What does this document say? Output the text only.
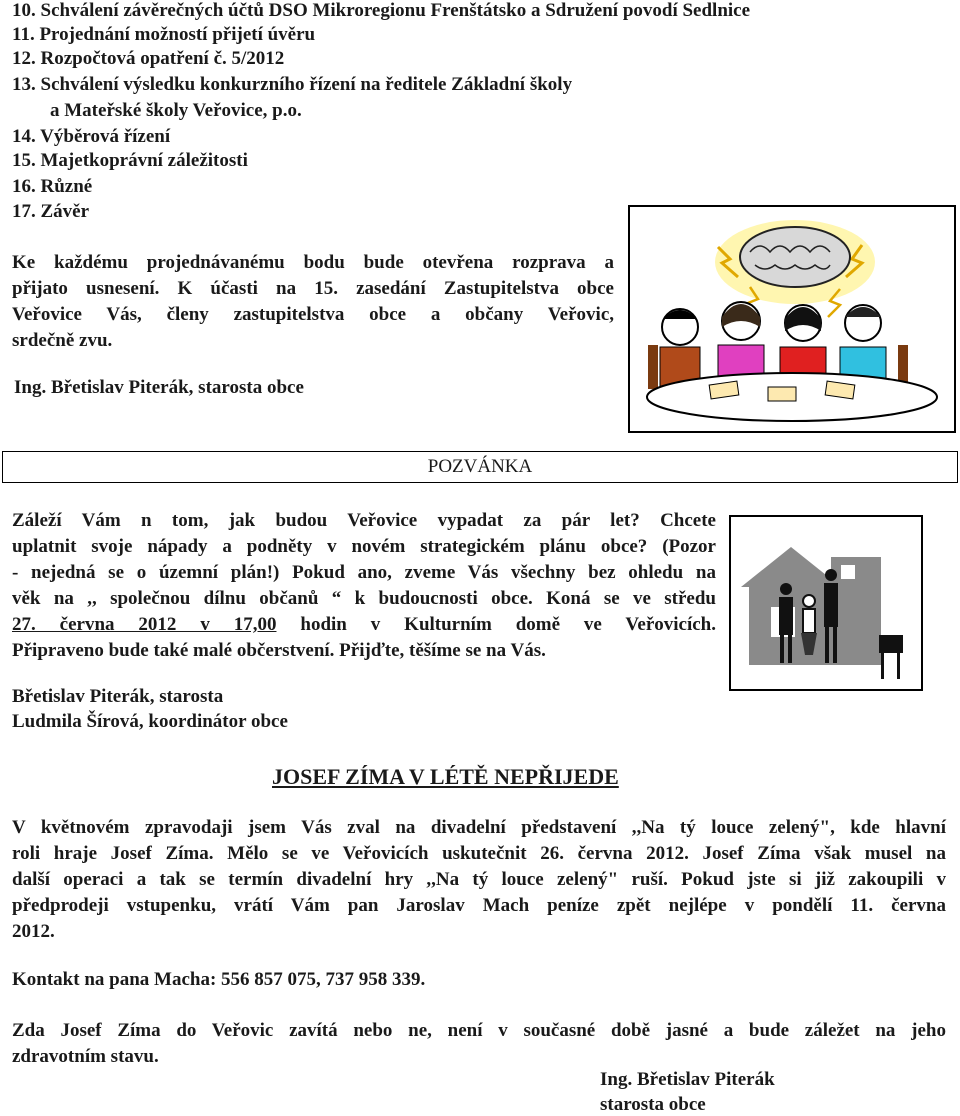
10. Schválení závěrečných účtů DSO Mikroregionu Frenštátsko a Sdružení povodí Sedlnice
11. Projednání možností přijetí úvěru
12. Rozpočtová opatření č. 5/2012
13. Schválení výsledku konkurzního řízení na ředitele Základní školy
a Mateřské školy Veřovice, p.o.
14. Výběrová řízení
15. Majetkoprávní záležitosti
16. Různé
17. Závěr
Ke každému projednávanému bodu bude otevřena rozprava a
přijato usnesení. K účasti na 15. zasedání Zastupitelstva obce
Veřovice Vás, členy zastupitelstva obce a občany Veřovic,
srdečně zvu.
Ing. Břetislav Piterák, starosta obce
POZVÁNKA
Záleží Vám n tom, jak budou Veřovice vypadat za pár let? Chcete
uplatnit svoje nápady a podněty v novém strategickém plánu obce? (Pozor
- nejedná se o územní plán!) Pokud ano, zveme Vás všechny bez ohledu na
věk na ,, společnou dílnu občanů “ k budoucnosti obce. Koná se ve středu
27. června 2012 v 17,00 hodin v Kulturním domě ve Veřovicích.
Připraveno bude také malé občerstvení. Přijďte, těšíme se na Vás.
Břetislav Piterák, starosta
Ludmila Šírová, koordinátor obce
JOSEF ZÍMA V LÉTĚ NEPŘIJEDE
V květnovém zpravodaji jsem Vás zval na divadelní představení ,,Na tý louce zelený", kde hlavní
roli hraje Josef Zíma. Mělo se ve Veřovicích uskutečnit 26. června 2012. Josef Zíma však musel na
další operaci a tak se termín divadelní hry ,,Na tý louce zelený" ruší. Pokud jste si již zakoupili v
předprodeji vstupenku, vrátí Vám pan Jaroslav Mach peníze zpět nejlépe v pondělí 11. června
2012.
Kontakt na pana Macha: 556 857 075, 737 958 339.
Zda Josef Zíma do Veřovic zavítá nebo ne, není v současné době jasné a bude záležet na jeho
zdravotním stavu.
Ing. Břetislav Piterák
starosta obce
